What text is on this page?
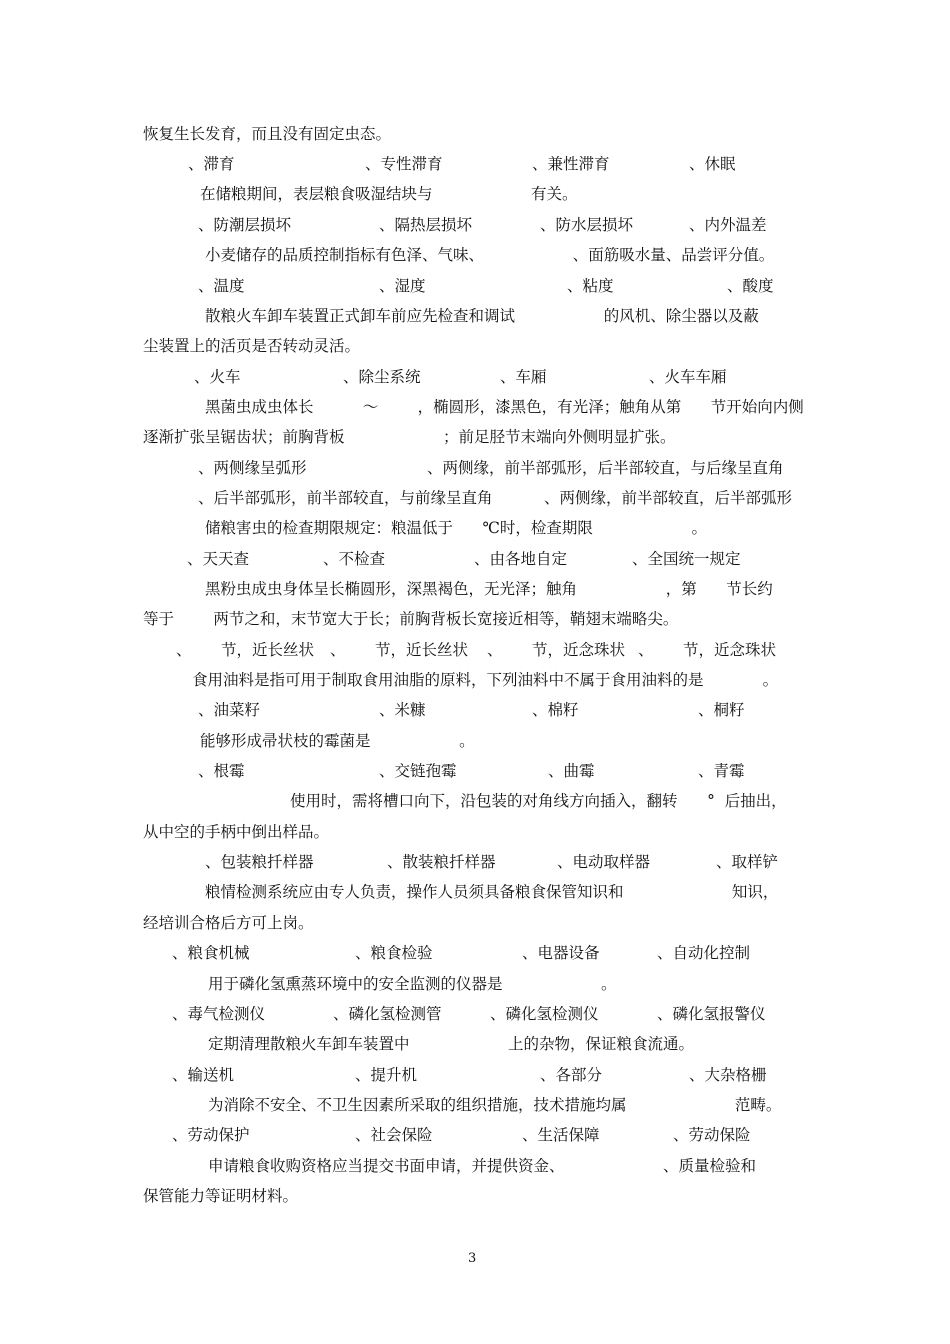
恢复生长发育，而且没有固定虫态。
、滞育	、专性滞育	、兼性滞育	、休眠
在储粮期间，表层粮食吸湿结块与                    有关。
、防潮层损坏	、隔热层损坏	、防水层损坏	、内外温差
小麦储存的品质控制指标有色泽、气味、                  、面筋吸水量、品尝评分值。
、温度	、湿度	、粘度	、酸度
散粮火车卸车装置正式卸车前应先检查和调试                  的风机、除尘器以及蔽
尘装置上的活页是否转动灵活。
、火车	、除尘系统	、车厢	、火车车厢
黑菌虫成虫体长          ～        ，椭圆形，漆黑色，有光泽；触角从第      节开始向内侧
逐渐扩张呈锯齿状；前胸背板                    ；前足胫节末端向外侧明显扩张。
、两侧缘呈弧形	、两侧缘，前半部弧形，后半部较直，与后缘呈直角
、后半部弧形，前半部较直，与前缘呈直角	、两侧缘，前半部较直，后半部弧形
储粮害虫的检查期限规定：粮温低于      ℃时，检查期限                    。
、天天查	、不检查	、由各地自定	、全国统一规定
黑粉虫成虫身体呈长椭圆形，深黑褐色，无光泽；触角                  ，第      节长约
等于        两节之和，末节宽大于长；前胸背板长宽接近相等，鞘翅末端略尖。
、      节，近长丝状 、      节，近长丝状 、      节，近念珠状 、      节，近念珠状
食用油料是指可用于制取食用油脂的原料，下列油料中不属于食用油料的是            。
、油菜籽	、米糠	、棉籽	、桐籽
能够形成帚状枝的霉菌是                  。
、根霉	、交链孢霉	、曲霉	、青霉
使用时，需将槽口向下，沿包装的对角线方向插入，翻转      °  后抽出，
从中空的手柄中倒出样品。
、包装粮扦样器	、散装粮扦样器	、电动取样器	、取样铲
粮情检测系统应由专人负责，操作人员须具备粮食保管知识和                      知识，
经培训合格后方可上岗。
、粮食机械	、粮食检验	、电器设备	、自动化控制
用于磷化氢熏蒸环境中的安全监测的仪器是                    。
、毒气检测仪	、磷化氢检测管	、磷化氢检测仪	、磷化氢报警仪
定期清理散粮火车卸车装置中                    上的杂物，保证粮食流通。
、输送机	、提升机	、各部分	、大杂格栅
为消除不安全、不卫生因素所采取的组织措施，技术措施均属                      范畴。
、劳动保护	、社会保险	、生活保障	、劳动保险
申请粮食收购资格应当提交书面申请，并提供资金、                    、质量检验和
保管能力等证明材料。
3
